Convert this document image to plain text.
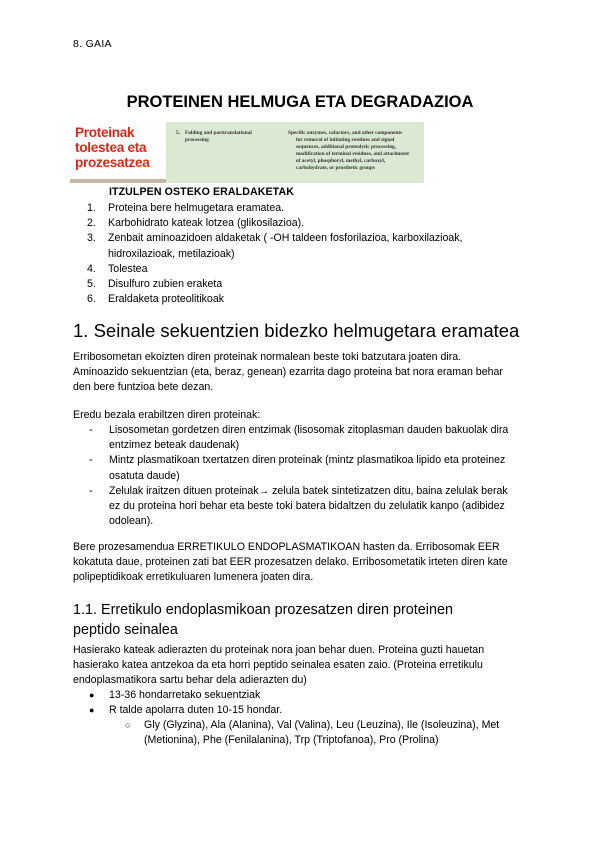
8. GAIA
PROTEINEN HELMUGA ETA DEGRADAZIOA
Proteinak
tolestea eta
prozesatzea
5. Folding and posttranslational
processing
Specific enzymes, cofactors, and other components
for removal of initiating residues and signal
sequences, additional proteolytic processing,
modification of terminal residues, and attachment
of acetyl, phosphoryl, methyl, carboxyl,
carbohydrate, or prosthetic groups
ITZULPEN OSTEKO ERALDAKETAK
1. Proteina bere helmugetara eramatea.
2. Karbohidrato kateak lotzea (glikosilazioa).
3. Zenbait aminoazidoen aldaketak ( -OH taldeen fosforilazioa, karboxilazioak,
hidroxilazioak, metilazioak)
4. Tolestea
5. Disulfuro zubien eraketa
6. Eraldaketa proteolitikoak
1. Seinale sekuentzien bidezko helmugetara eramatea
Erribosometan ekoizten diren proteinak normalean beste toki batzutara joaten dira.
Aminoazido sekuentzian (eta, beraz, genean) ezarrita dago proteina bat nora eraman behar
den bere funtzioa bete dezan.
Eredu bezala erabiltzen diren proteinak:
- Lisosometan gordetzen diren entzimak (lisosomak zitoplasman dauden bakuolak dira
entzimez beteak daudenak)
- Mintz plasmatikoan txertatzen diren proteinak (mintz plasmatikoa lipido eta proteinez
osatuta daude)
- Zelulak iraitzen dituen proteinak→ zelula batek sintetizatzen ditu, baina zelulak berak
ez du proteina hori behar eta beste toki batera bidaltzen du zelulatik kanpo (adibidez
odolean).
Bere prozesamendua ERRETIKULO ENDOPLASMATIKOAN hasten da. Erribosomak EER
kokatuta daue, proteinen zati bat EER prozesatzen delako. Erribosometatik irteten diren kate
polipeptidikoak erretikuluaren lumenera joaten dira.
1.1. Erretikulo endoplasmikoan prozesatzen diren proteinen
peptido seinalea
Hasierako kateak adierazten du proteinak nora joan behar duen. Proteina guzti hauetan
hasierako katea antzekoa da eta horri peptido seinalea esaten zaio. (Proteina erretikulu
endoplasmatikora sartu behar dela adierazten du)
● 13-36 hondarretako sekuentziak
● R talde apolarra duten 10-15 hondar.
○ Gly (Glyzina), Ala (Alanina), Val (Valina), Leu (Leuzina), Ile (Isoleuzina), Met
(Metionina), Phe (Fenilalanina), Trp (Triptofanoa), Pro (Prolina)
